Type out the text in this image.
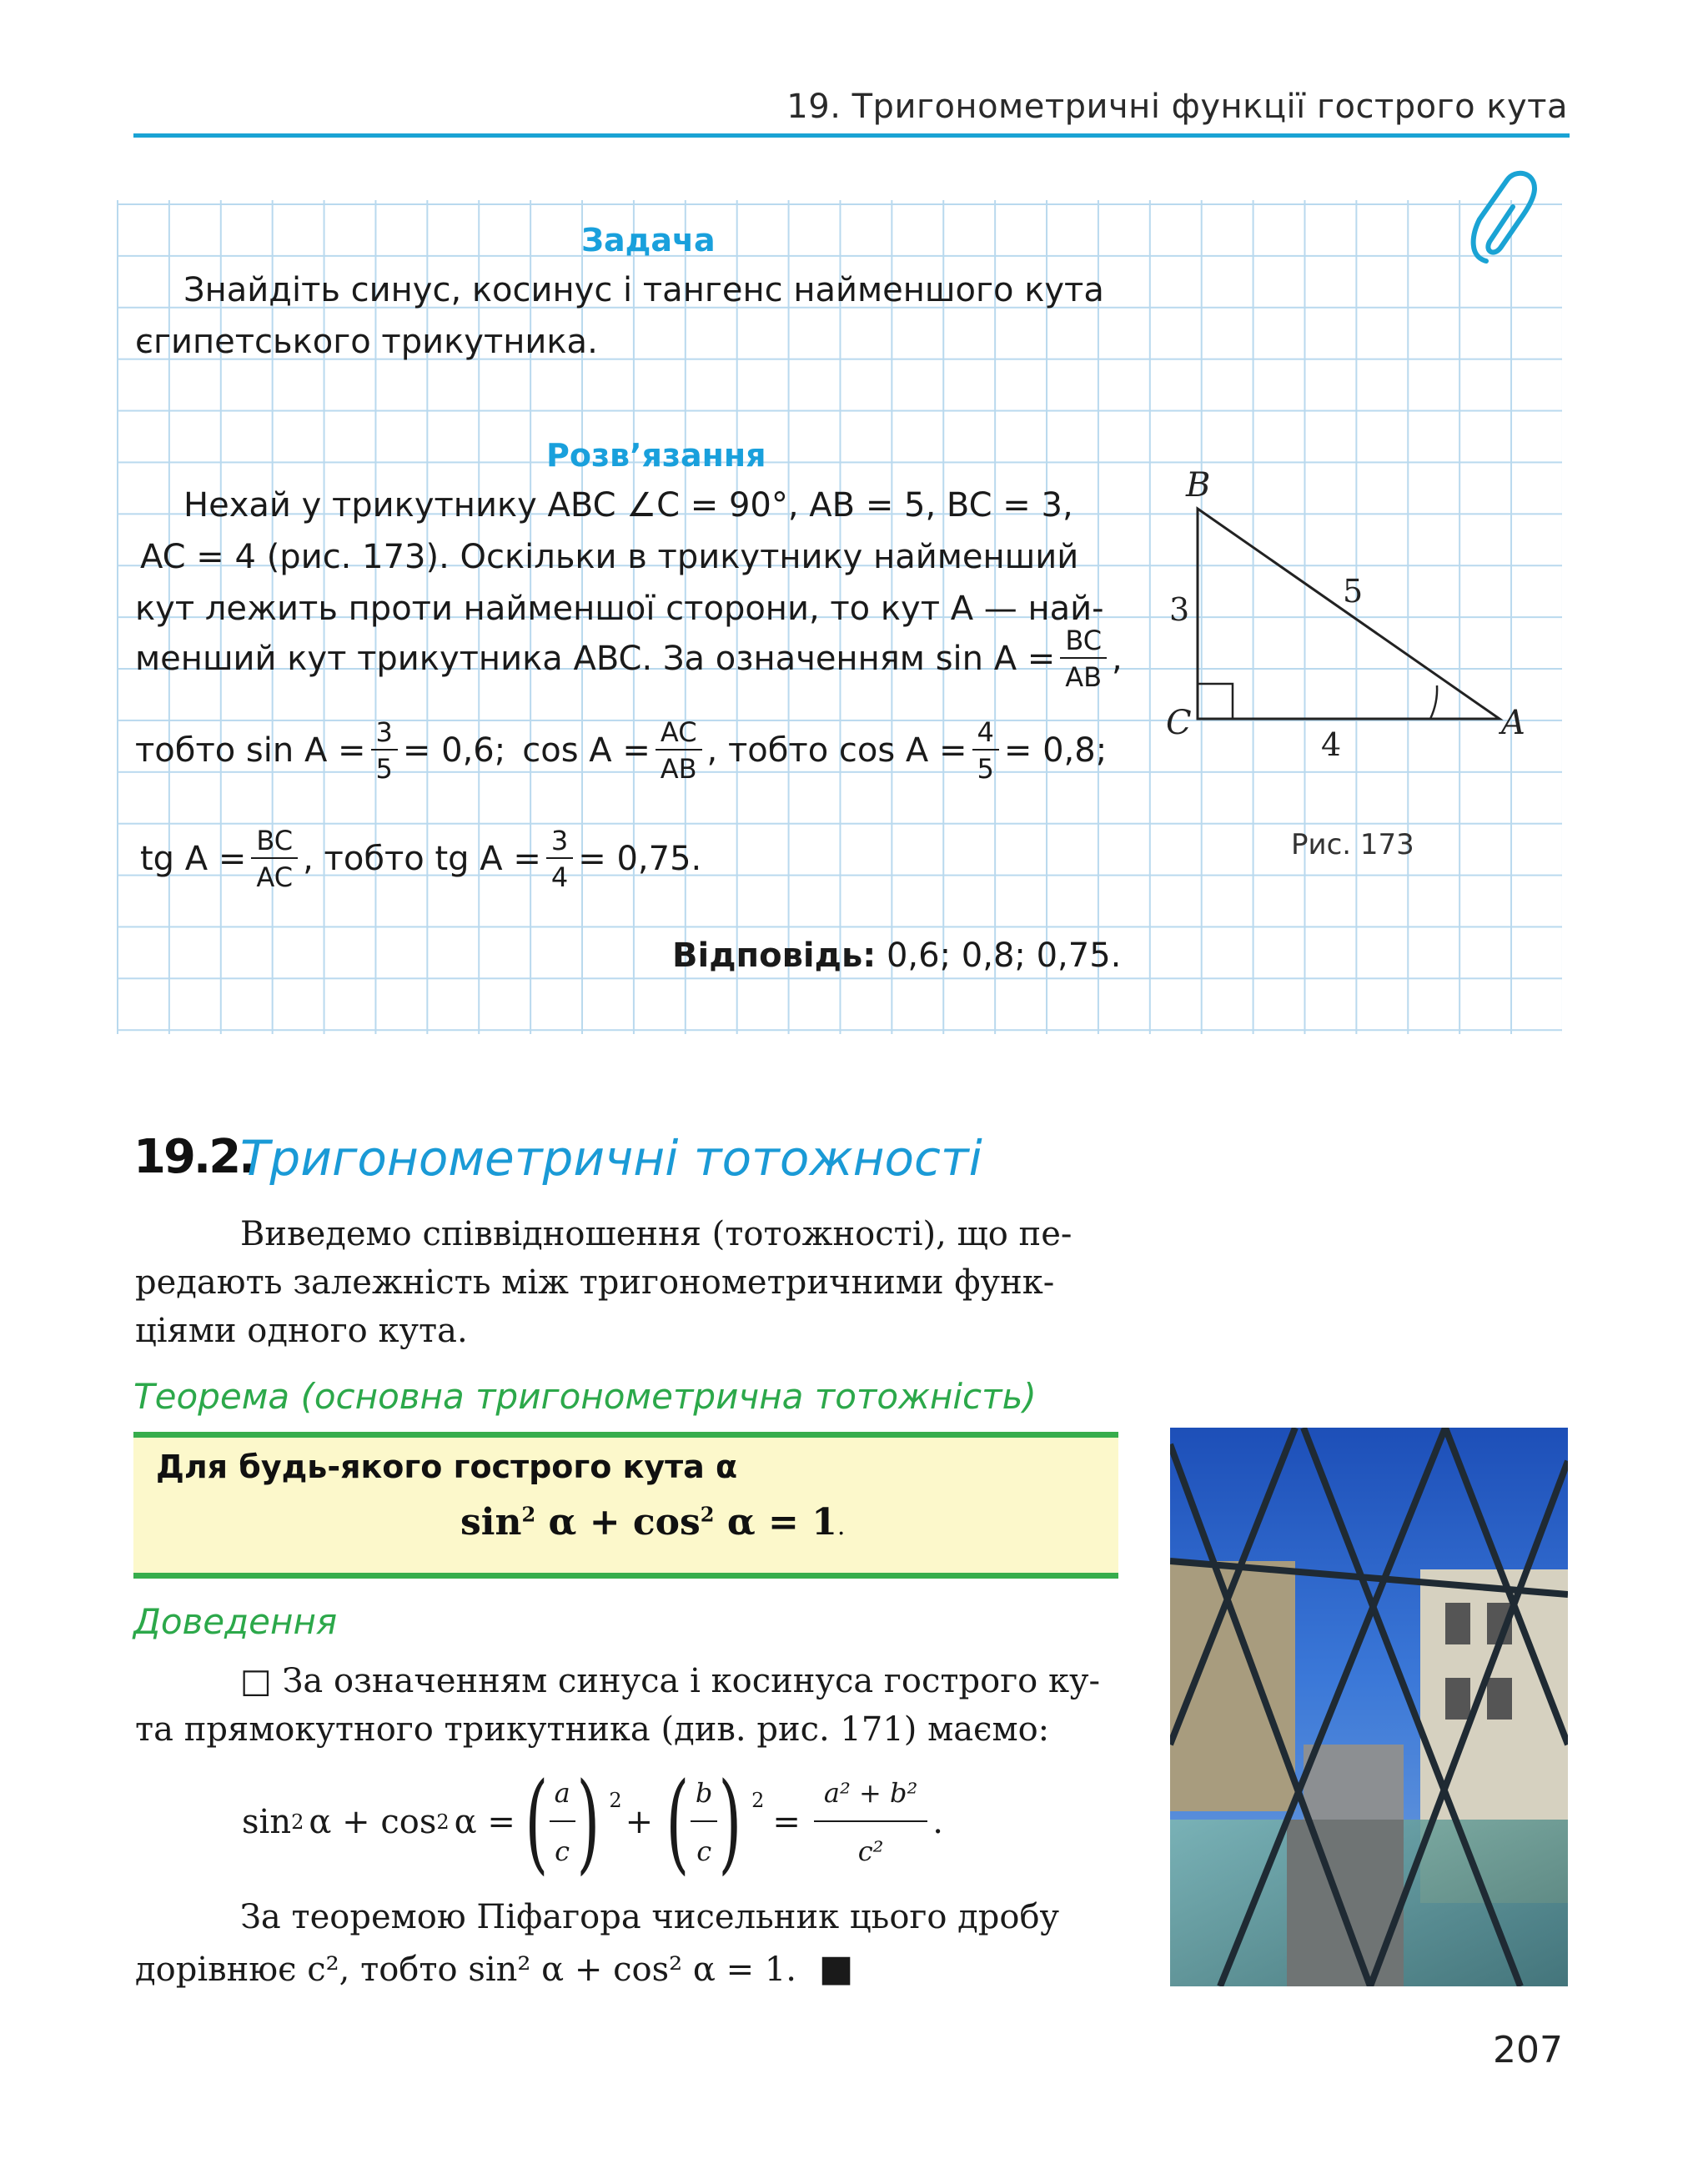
19. Тригонометричні функції гострого кута
Задача
Знайдіть синус, косинус і тангенс найменшого кута
єгипетського трикутника.
Розв’язання
Нехай у трикутнику ABC ∠C = 90°, AB = 5, BC = 3,
AC = 4 (рис. 173). Оскільки в трикутнику найменший
кут лежить проти найменшої сторони, то кут A — най-
менший кут трикутника ABC. За означенням $\sin A = \frac{BC}{AB}$ ,
тобто $\sin A = \frac{3}{5} = 0,6$; $\cos A = \frac{AC}{AB}$ , тобто $\cos A = \frac{4}{5} = 0,8$;
tg $A = \frac{BC}{AC}$ , тобто tg $A = \frac{3}{4} = 0,75$.
Відповідь: 0,6; 0,8; 0,75.
B
C	A
3	5
4
Рис. 173
19.2.
Тригонометричні тотожності
Виведемо співвідношення (тотожності), що пе-
редають залежність між тригонометричними функ-
ціями одного кута.
Теорема (основна тригонометрична тотожність)
Для будь-якого гострого кута α
$\sin^2 \alpha + \cos^2 \alpha = 1$.
Доведення
□ За означенням синуса і косинуса гострого ку-
та прямокутного трикутника (див. рис. 171) маємо:
sin 2 α + cos 2 α = ( $\frac{a}{c}$ ) $^2$
+ ( $\frac{b}{c}$ ) $^2$
= $\frac{\text{a² + b²}}{\text{c²}}$ .
За теоремою Піфагора чисельник цього дробу
дорівнює c², тобто sin² α + cos² α = 1. ■
207
